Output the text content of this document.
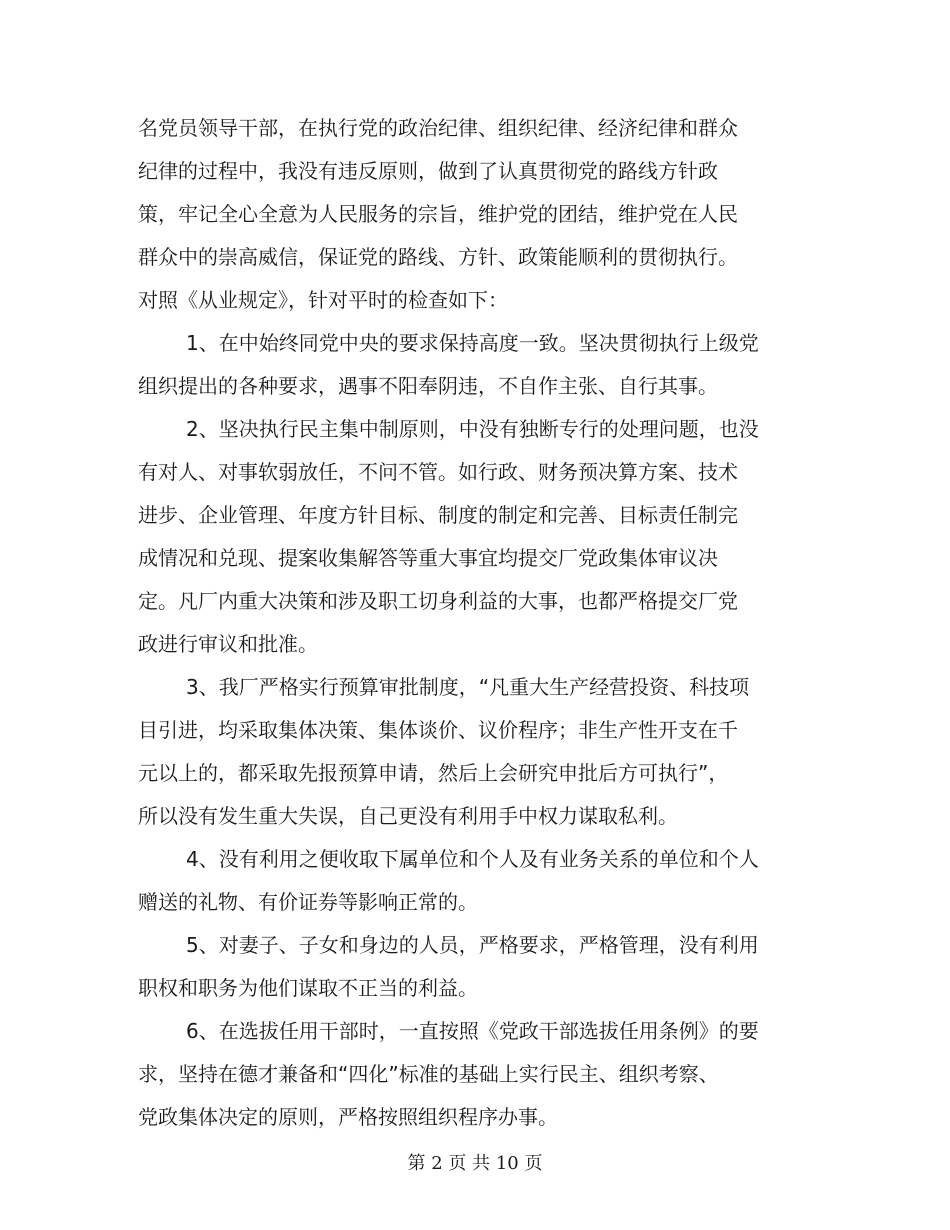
名党员领导干部，在执行党的政治纪律、组织纪律、经济纪律和群众
纪律的过程中，我没有违反原则，做到了认真贯彻党的路线方针政
策，牢记全心全意为人民服务的宗旨，维护党的团结，维护党在人民
群众中的崇高威信，保证党的路线、方针、政策能顺利的贯彻执行。
对照《从业规定》，针对平时的检查如下：
1、在中始终同党中央的要求保持高度一致。坚决贯彻执行上级党
组织提出的各种要求，遇事不阳奉阴违，不自作主张、自行其事。
2、坚决执行民主集中制原则，中没有独断专行的处理问题，也没
有对人、对事软弱放任，不问不管。如行政、财务预决算方案、技术
进步、企业管理、年度方针目标、制度的制定和完善、目标责任制完
成情况和兑现、提案收集解答等重大事宜均提交厂党政集体审议决
定。凡厂内重大决策和涉及职工切身利益的大事，也都严格提交厂党
政进行审议和批准。
3、我厂严格实行预算审批制度，“凡重大生产经营投资、科技项
目引进，均采取集体决策、集体谈价、议价程序；非生产性开支在千
元以上的，都采取先报预算申请，然后上会研究申批后方可执行”，
所以没有发生重大失误，自己更没有利用手中权力谋取私利。
4、没有利用之便收取下属单位和个人及有业务关系的单位和个人
赠送的礼物、有价证券等影响正常的。
5、对妻子、子女和身边的人员，严格要求，严格管理，没有利用
职权和职务为他们谋取不正当的利益。
6、在选拔任用干部时，一直按照《党政干部选拔任用条例》的要
求，坚持在德才兼备和“四化”标准的基础上实行民主、组织考察、
党政集体决定的原则，严格按照组织程序办事。
第 2 页 共 10 页
